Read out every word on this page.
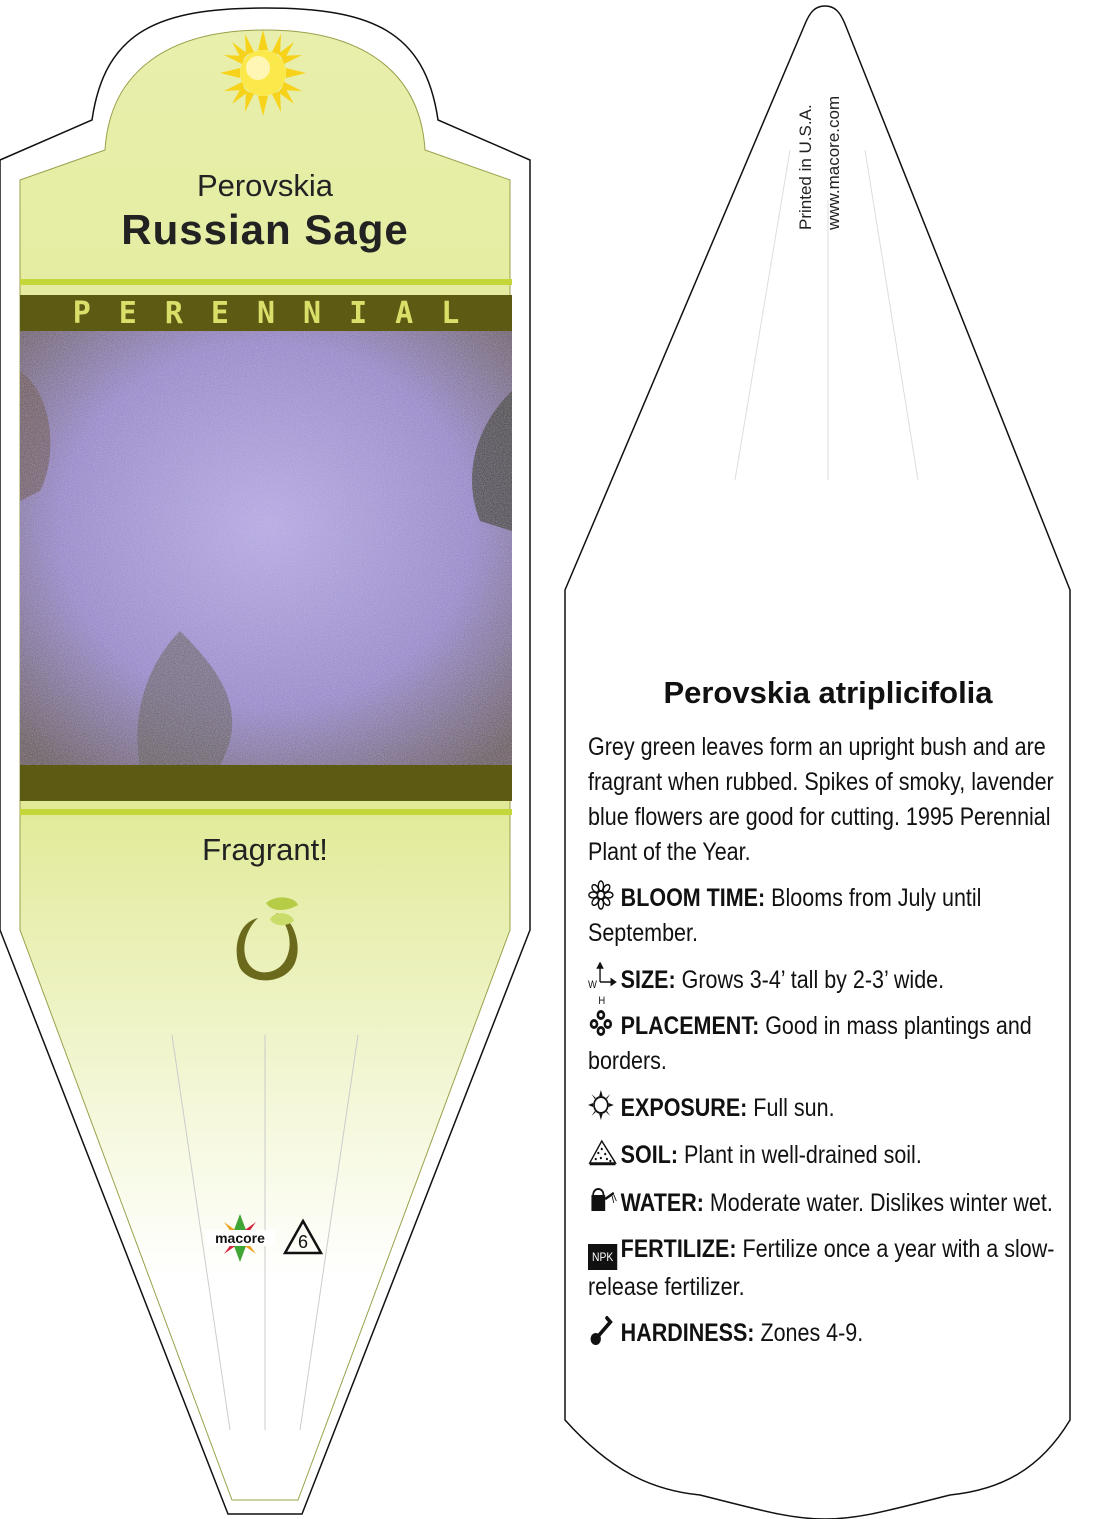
Perovskia
Russian Sage
PERENNIAL
Fragrant!
macore	6
Printed in U.S.A. www.macore.com
Perovskia atriplicifolia
Grey green leaves form an upright bush and are fragrant when rubbed. Spikes of smoky, lavender blue flowers are good for cutting. 1995 Perennial Plant of the Year.
BLOOM TIME: Blooms from July until September.
W
H
SIZE: Grows 3-4’ tall by 2-3’ wide.
PLACEMENT: Good in mass plantings and borders.
EXPOSURE: Full sun.
SOIL: Plant in well-drained soil.
WATER: Moderate water. Dislikes winter wet.
NPK FERTILIZE: Fertilize once a year with a slow-release fertilizer.
HARDINESS: Zones 4-9.
